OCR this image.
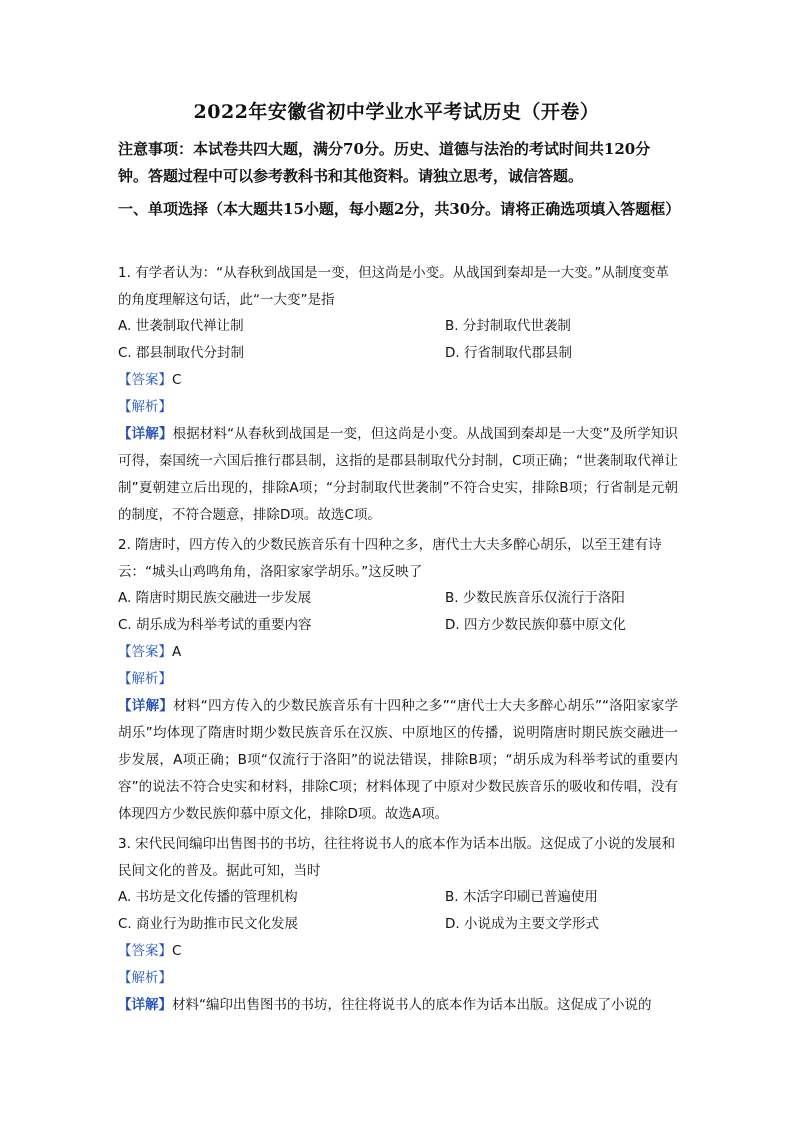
2022年安徽省初中学业水平考试历史（开卷）
注意事项：本试卷共四大题，满分70分。历史、道德与法治的考试时间共120分钟。答题过程中可以参考教科书和其他资料。请独立思考，诚信答题。
一、单项选择（本大题共15小题，每小题2分，共30分。请将正确选项填入答题框）
1. 有学者认为：“从春秋到战国是一变，但这尚是小变。从战国到秦却是一大变。”从制度变革的角度理解这句话，此“一大变”是指
A. 世袭制取代禅让制	B. 分封制取代世袭制
C. 郡县制取代分封制	D. 行省制取代郡县制
【答案】C
【解析】
【详解】根据材料“从春秋到战国是一变，但这尚是小变。从战国到秦却是一大变”及所学知识可得，秦国统一六国后推行郡县制，这指的是郡县制取代分封制，C项正确；“世袭制取代禅让制”夏朝建立后出现的，排除A项；“分封制取代世袭制”不符合史实，排除B项；行省制是元朝的制度，不符合题意，排除D项。故选C项。
2. 隋唐时，四方传入的少数民族音乐有十四种之多，唐代士大夫多醉心胡乐，以至王建有诗云：“城头山鸡鸣角角，洛阳家家学胡乐。”这反映了
A. 隋唐时期民族交融进一步发展	B. 少数民族音乐仅流行于洛阳
C. 胡乐成为科举考试的重要内容	D. 四方少数民族仰慕中原文化
【答案】A
【解析】
【详解】材料“四方传入的少数民族音乐有十四种之多”“唐代士大夫多醉心胡乐”“洛阳家家学胡乐”均体现了隋唐时期少数民族音乐在汉族、中原地区的传播，说明隋唐时期民族交融进一步发展，A项正确；B项“仅流行于洛阳”的说法错误，排除B项；“胡乐成为科举考试的重要内容”的说法不符合史实和材料，排除C项；材料体现了中原对少数民族音乐的吸收和传唱，没有体现四方少数民族仰慕中原文化，排除D项。故选A项。
3. 宋代民间编印出售图书的书坊，往往将说书人的底本作为话本出版。这促成了小说的发展和民间文化的普及。据此可知，当时
A. 书坊是文化传播的管理机构	B. 木活字印刷已普遍使用
C. 商业行为助推市民文化发展	D. 小说成为主要文学形式
【答案】C
【解析】
【详解】材料“编印出售图书的书坊，往往将说书人的底本作为话本出版。这促成了小说的
